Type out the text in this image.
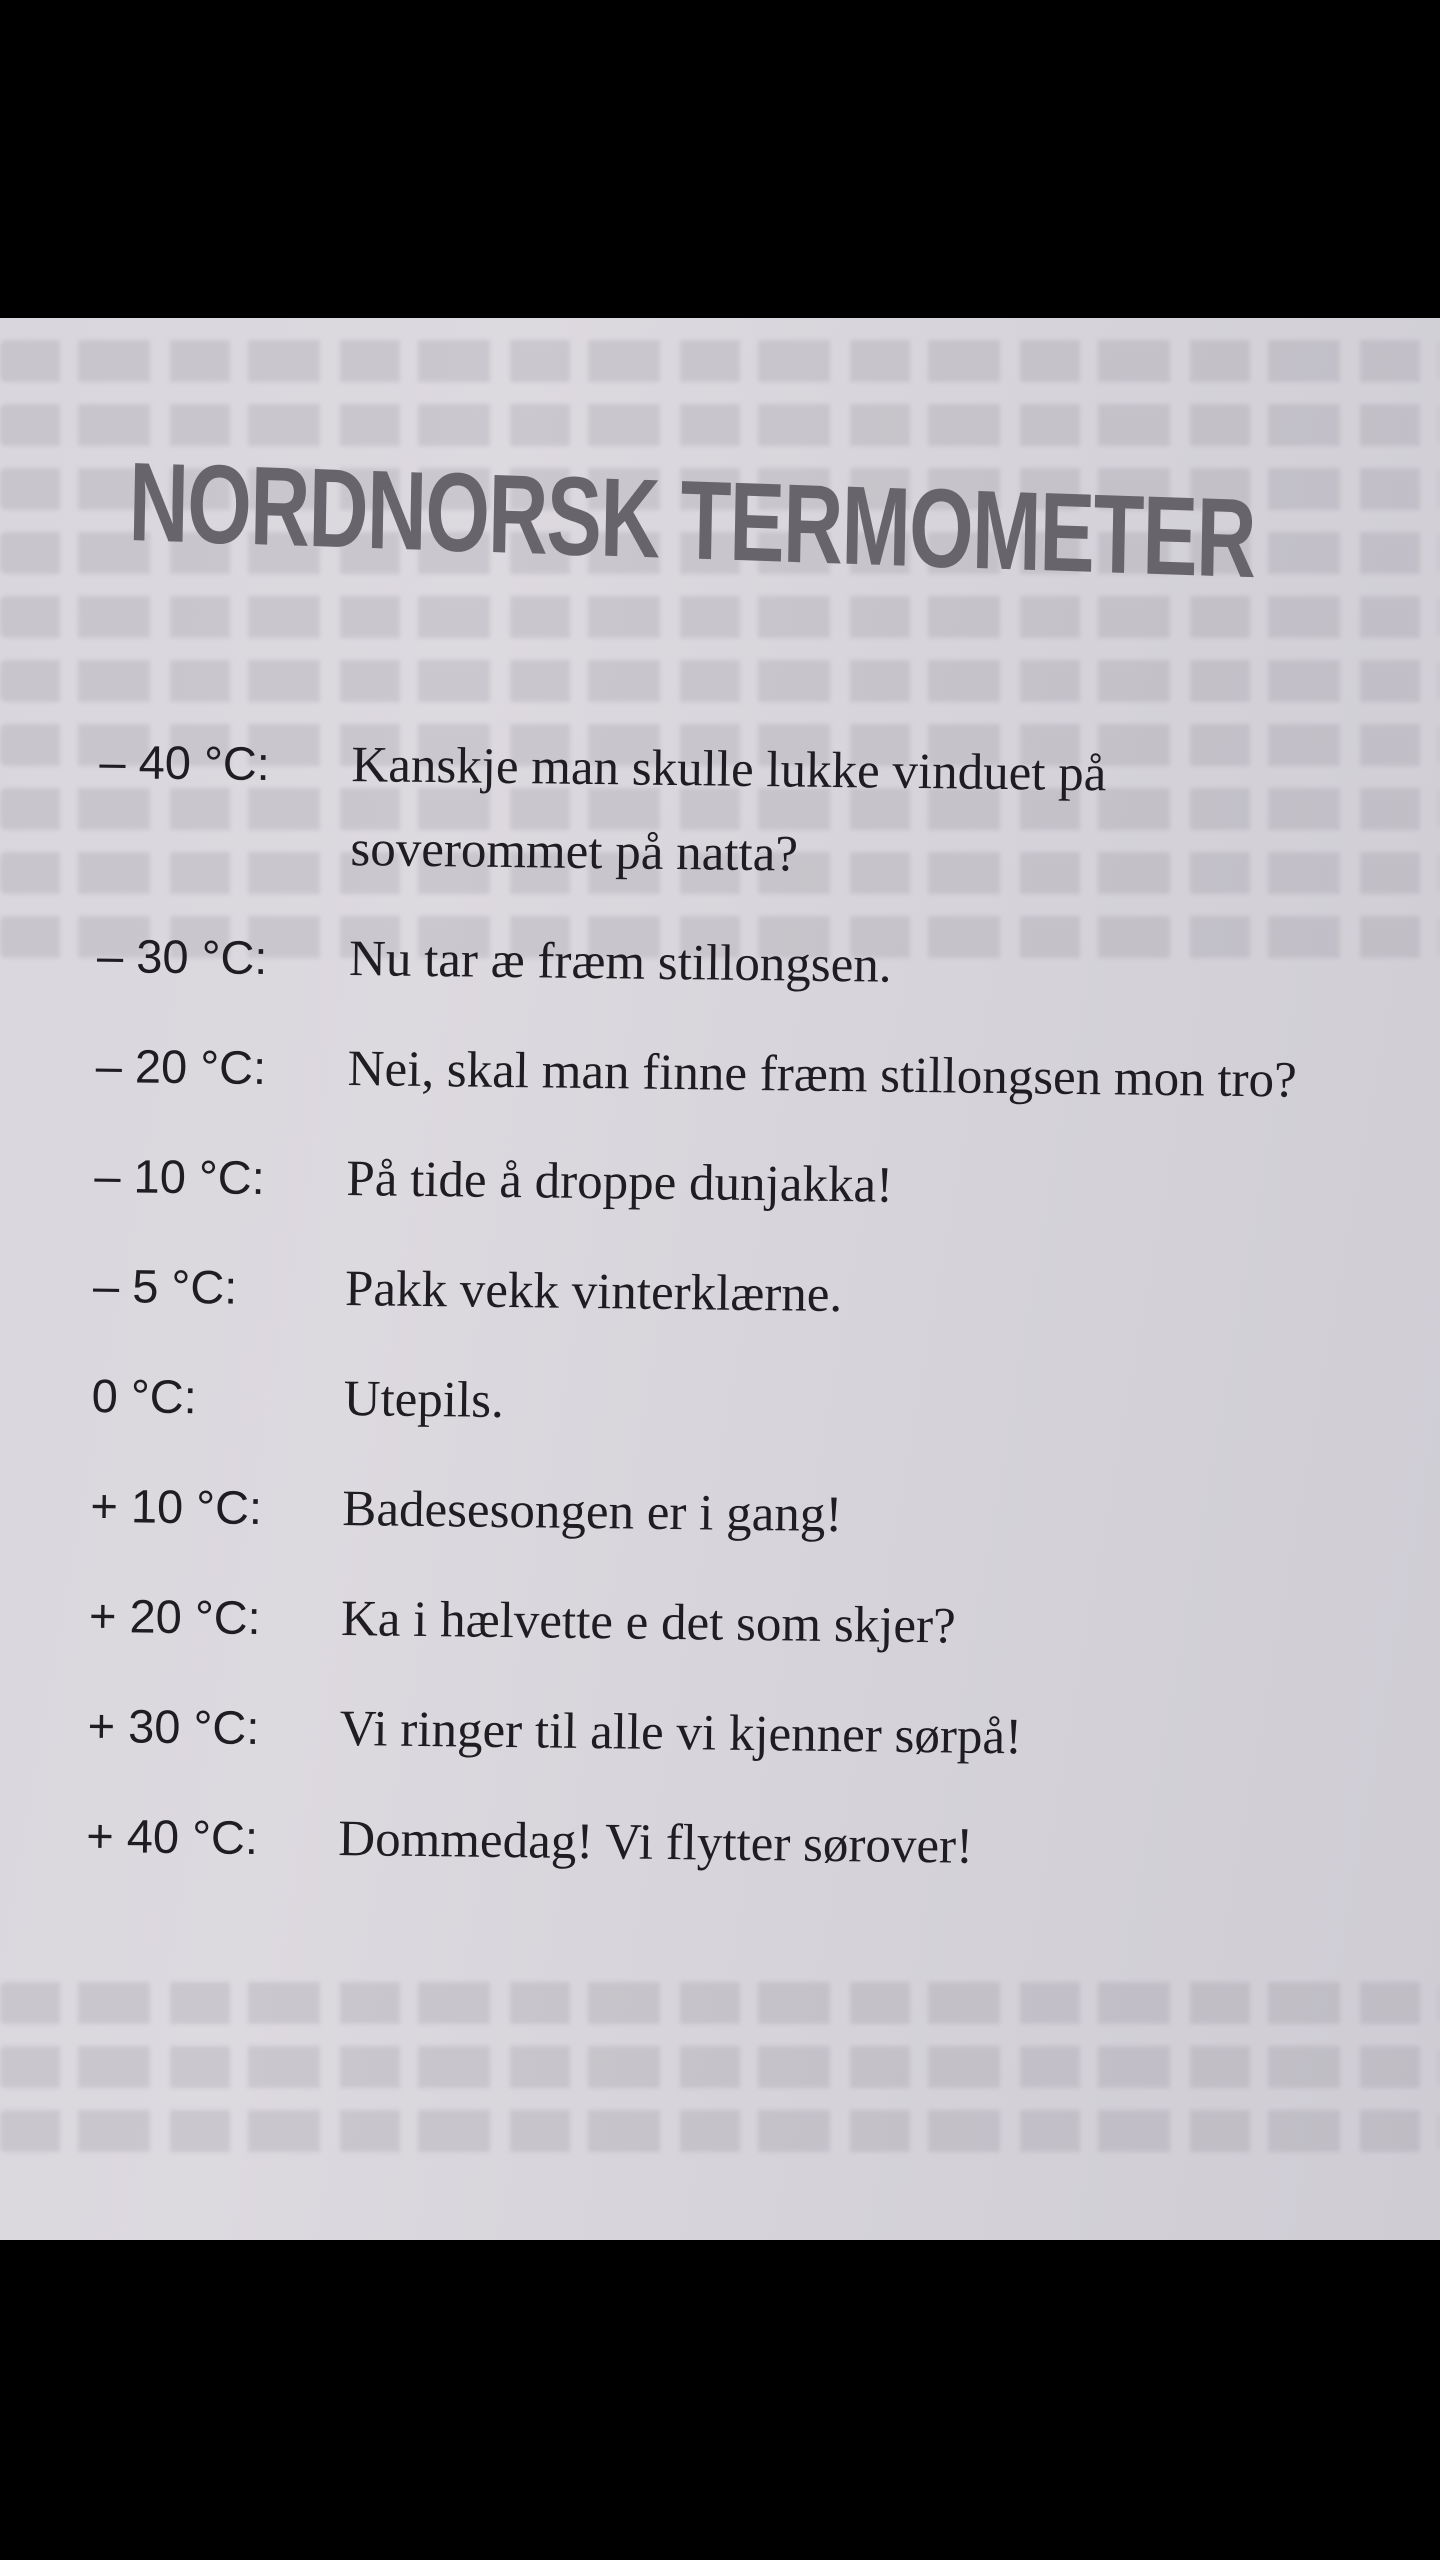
NORDNORSK TERMOMETER
– 40 °C:	Kanskje man skulle lukke vinduet på soverommet på natta?
– 30 °C:	Nu tar æ fræm stillongsen.
– 20 °C:	Nei, skal man finne fræm stillongsen mon tro?
– 10 °C:	På tide å droppe dunjakka!
– 5 °C:	Pakk vekk vinterklærne.
0 °C:	Utepils.
+ 10 °C:	Badesesongen er i gang!
+ 20 °C:	Ka i hælvette e det som skjer?
+ 30 °C:	Vi ringer til alle vi kjenner sørpå!
+ 40 °C:	Dommedag! Vi flytter sørover!
